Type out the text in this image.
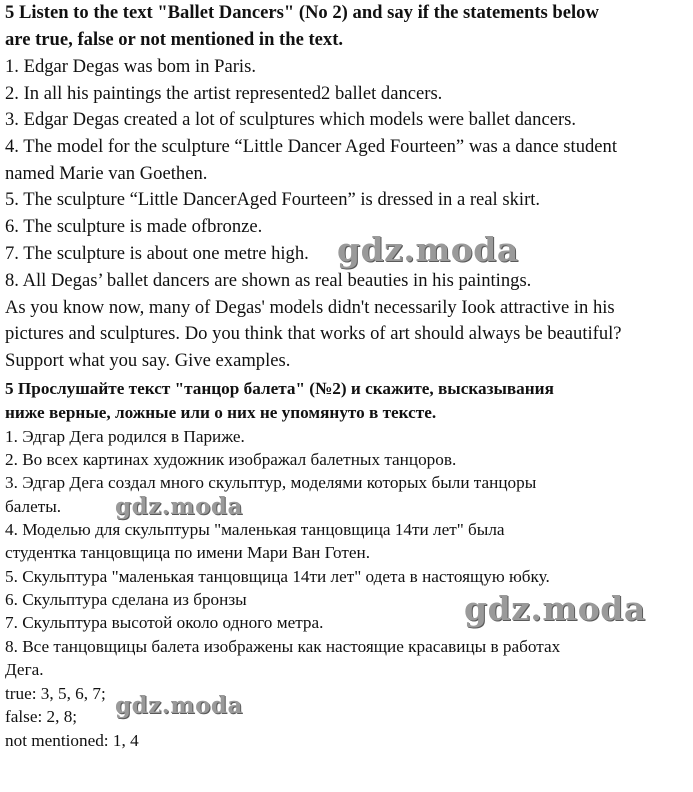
5 Listen to the text "Ballet Dancers" (No 2) and say if the statements below
are true, false or not mentioned in the text.
1. Edgar Degas was bom in Paris.
2. In all his paintings the artist represented2 ballet dancers.
3. Edgar Degas created a lot of sculptures which models were ballet dancers.
4. The model for the sculpture “Little Dancer Aged Fourteen” was a dance student
named Marie van Goethen.
5. The sculpture “Little DancerAged Fourteen” is dressed in a real skirt.
6. The sculpture is made ofbronze.
7. The sculpture is about one metre high.
8. All Degas’ ballet dancers are shown as real beauties in his paintings.
As you know now, many of Degas' models didn't necessarily Iook attractive in his
pictures and sculptures. Do you think that works of art should always be beautiful?
Support what you say. Give examples.
5 Прослушайте текст "танцор балета" (№2) и скажите, высказывания
ниже верные, ложные или о них не упомянуто в тексте.
1. Эдгар Дега родился в Париже.
2. Во всех картинах художник изображал балетных танцоров.
3. Эдгар Дега создал много скульптур, моделями которых были танцоры
балеты.
4. Моделью для скульптуры "маленькая танцовщица 14ти лет" была
студентка танцовщица по имени Мари Ван Готен.
5. Скульптура "маленькая танцовщица 14ти лет" одета в настоящую юбку.
6. Скульптура сделана из бронзы
7. Скульптура высотой около одного метра.
8. Все танцовщицы балета изображены как настоящие красавицы в работах
Дега.
true: 3, 5, 6, 7;
false: 2, 8;
not mentioned: 1, 4
gdz.moda
gdz.moda
gdz.moda
gdz.moda
